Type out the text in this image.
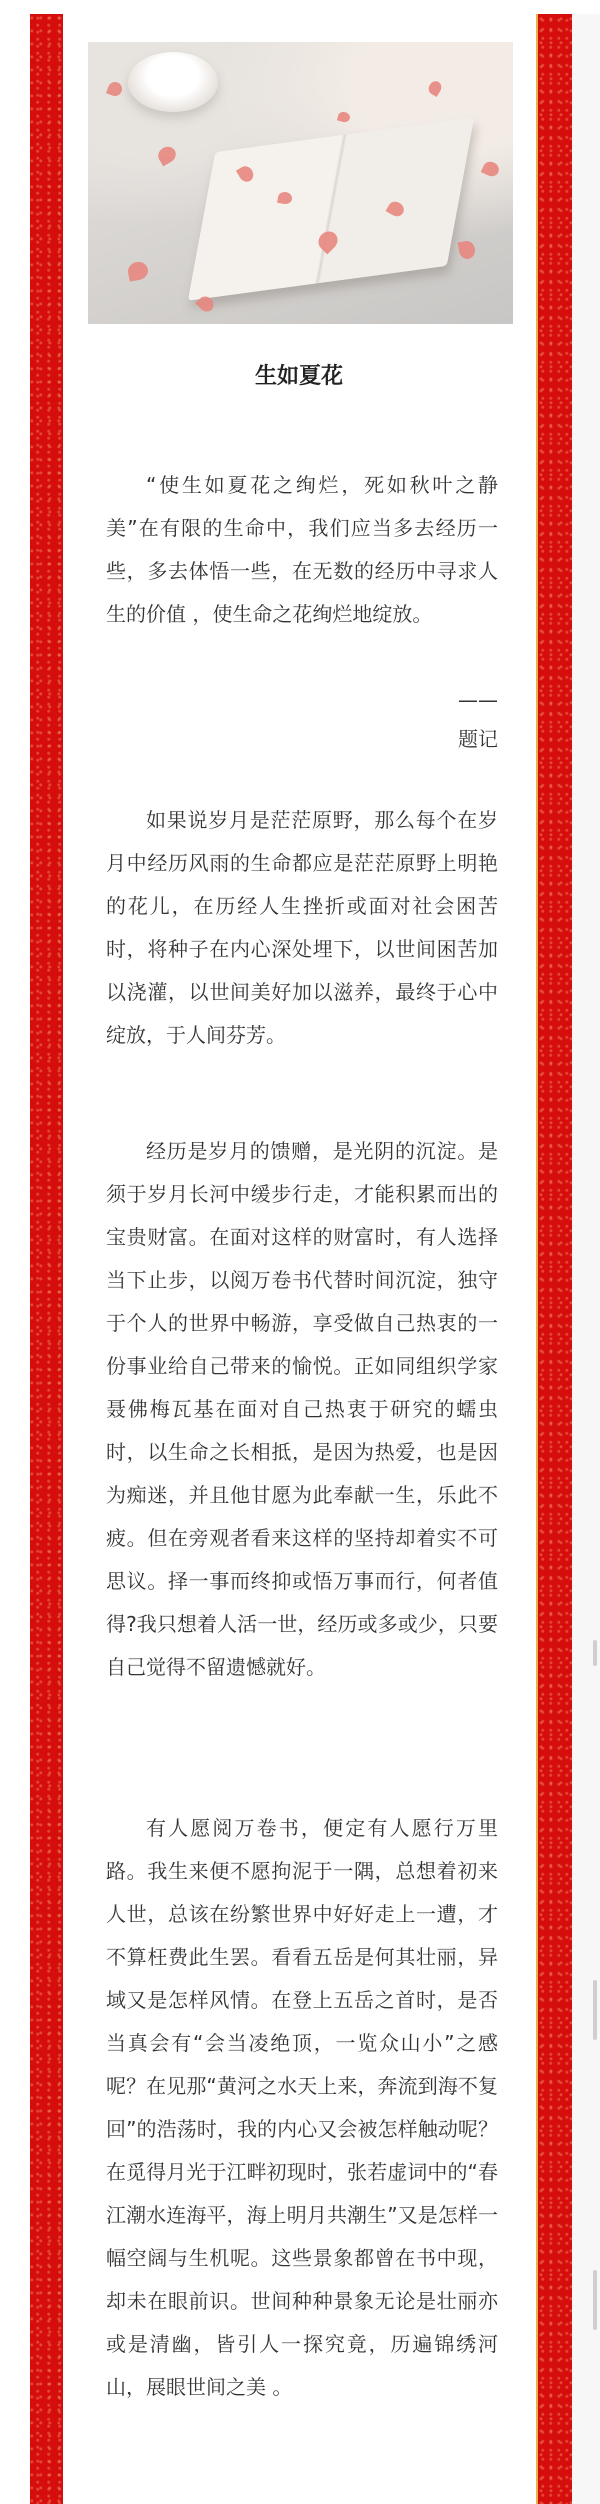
生如夏花

“使生如夏花之绚烂，死如秋叶之静美”在有限的生命中，我们应当多去经历一些，多去体悟一些，在无数的经历中寻求人生的价值 ，使生命之花绚烂地绽放。

——

题记

如果说岁月是茫茫原野，那么每个在岁月中经历风雨的生命都应是茫茫原野上明艳的花儿，在历经人生挫折或面对社会困苦时，将种子在内心深处埋下，以世间困苦加以浇灌，以世间美好加以滋养，最终于心中绽放，于人间芬芳。

经历是岁月的馈赠，是光阴的沉淀。是须于岁月长河中缓步行走，才能积累而出的宝贵财富。在面对这样的财富时，有人选择当下止步，以阅万卷书代替时间沉淀，独守于个人的世界中畅游，享受做自己热衷的一份事业给自己带来的愉悦。正如同组织学家聂佛梅瓦基在面对自己热衷于研究的蠕虫时，以生命之长相抵，是因为热爱，也是因为痴迷，并且他甘愿为此奉献一生，乐此不疲。但在旁观者看来这样的坚持却着实不可思议。择一事而终抑或悟万事而行，何者值得?我只想着人活一世，经历或多或少，只要自己觉得不留遗憾就好。

有人愿阅万卷书，便定有人愿行万里路。我生来便不愿拘泥于一隅，总想着初来人世，总该在纷繁世界中好好走上一遭，才不算枉费此生罢。看看五岳是何其壮丽，异域又是怎样风情。在登上五岳之首时，是否当真会有“会当凌绝顶，一览众山小”之感呢？在见那“黄河之水天上来，奔流到海不复回”的浩荡时，我的内心又会被怎样触动呢？在觅得月光于江畔初现时，张若虚词中的“春江潮水连海平，海上明月共潮生”又是怎样一幅空阔与生机呢。这些景象都曾在书中现，却未在眼前识。世间种种景象无论是壮丽亦或是清幽，皆引人一探究竟，历遍锦绣河山，展眼世间之美 。
